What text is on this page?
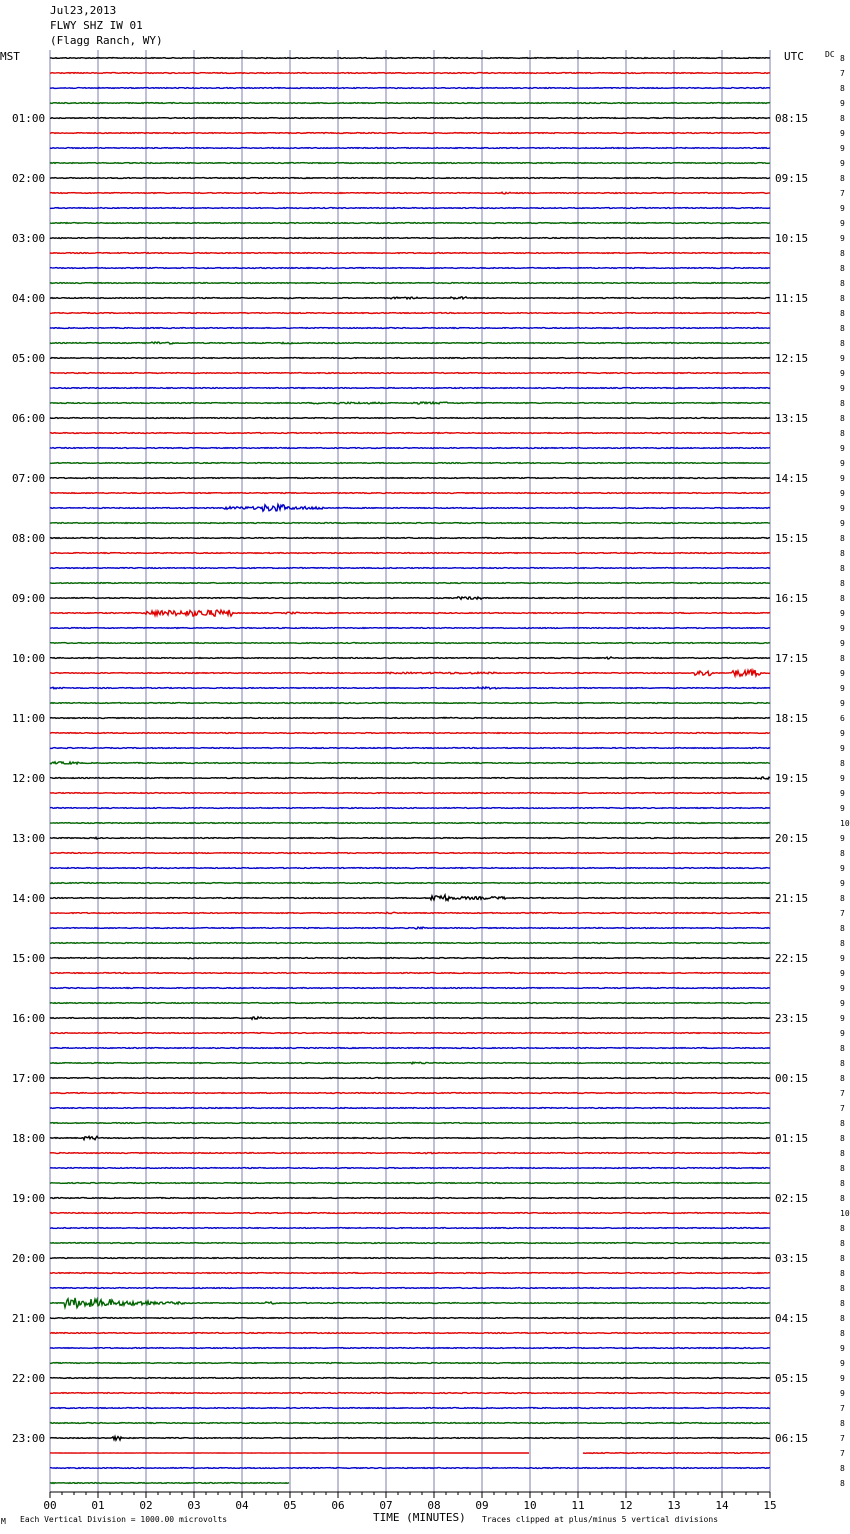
Jul23,2013
FLWY SHZ IW 01
(Flagg Ranch, WY)
MST	UTC	DC 8
7
8
9
8
9
9
9
8
7
9
9
9
8
8
8
8
8
8
8
9
9
9
8
8
8
9
9
9
9
9
9
8
8
8
8
8
9
9
9
8
9
9
9
6
9
9
8
9
9
9
10
9
8
9
9
8
7
8
8
9
9
9
9
9
9
8
8
8
7
7
8
8
8
8
8
8
10
8
8
8
8
8
8
8
8
9
9
9
9
7
8
7
7
8
8
01:00	08:15
02:00	09:15
03:00	10:15
04:00	11:15
05:00	12:15
06:00	13:15
07:00	14:15
08:00	15:15
09:00	16:15
10:00	17:15
11:00	18:15
12:00	19:15
13:00	20:15
14:00	21:15
15:00	22:15
16:00	23:15
17:00	00:15
18:00	01:15
19:00	02:15
20:00	03:15
21:00	04:15
22:00	05:15
23:00	06:15
00	01	02	03	04	05	06	07	08	09	10	11	12	13	14	15
M Each Vertical Division = 1000.00 microvolts	TIME (MINUTES) Traces clipped at plus/minus 5 vertical divisions
